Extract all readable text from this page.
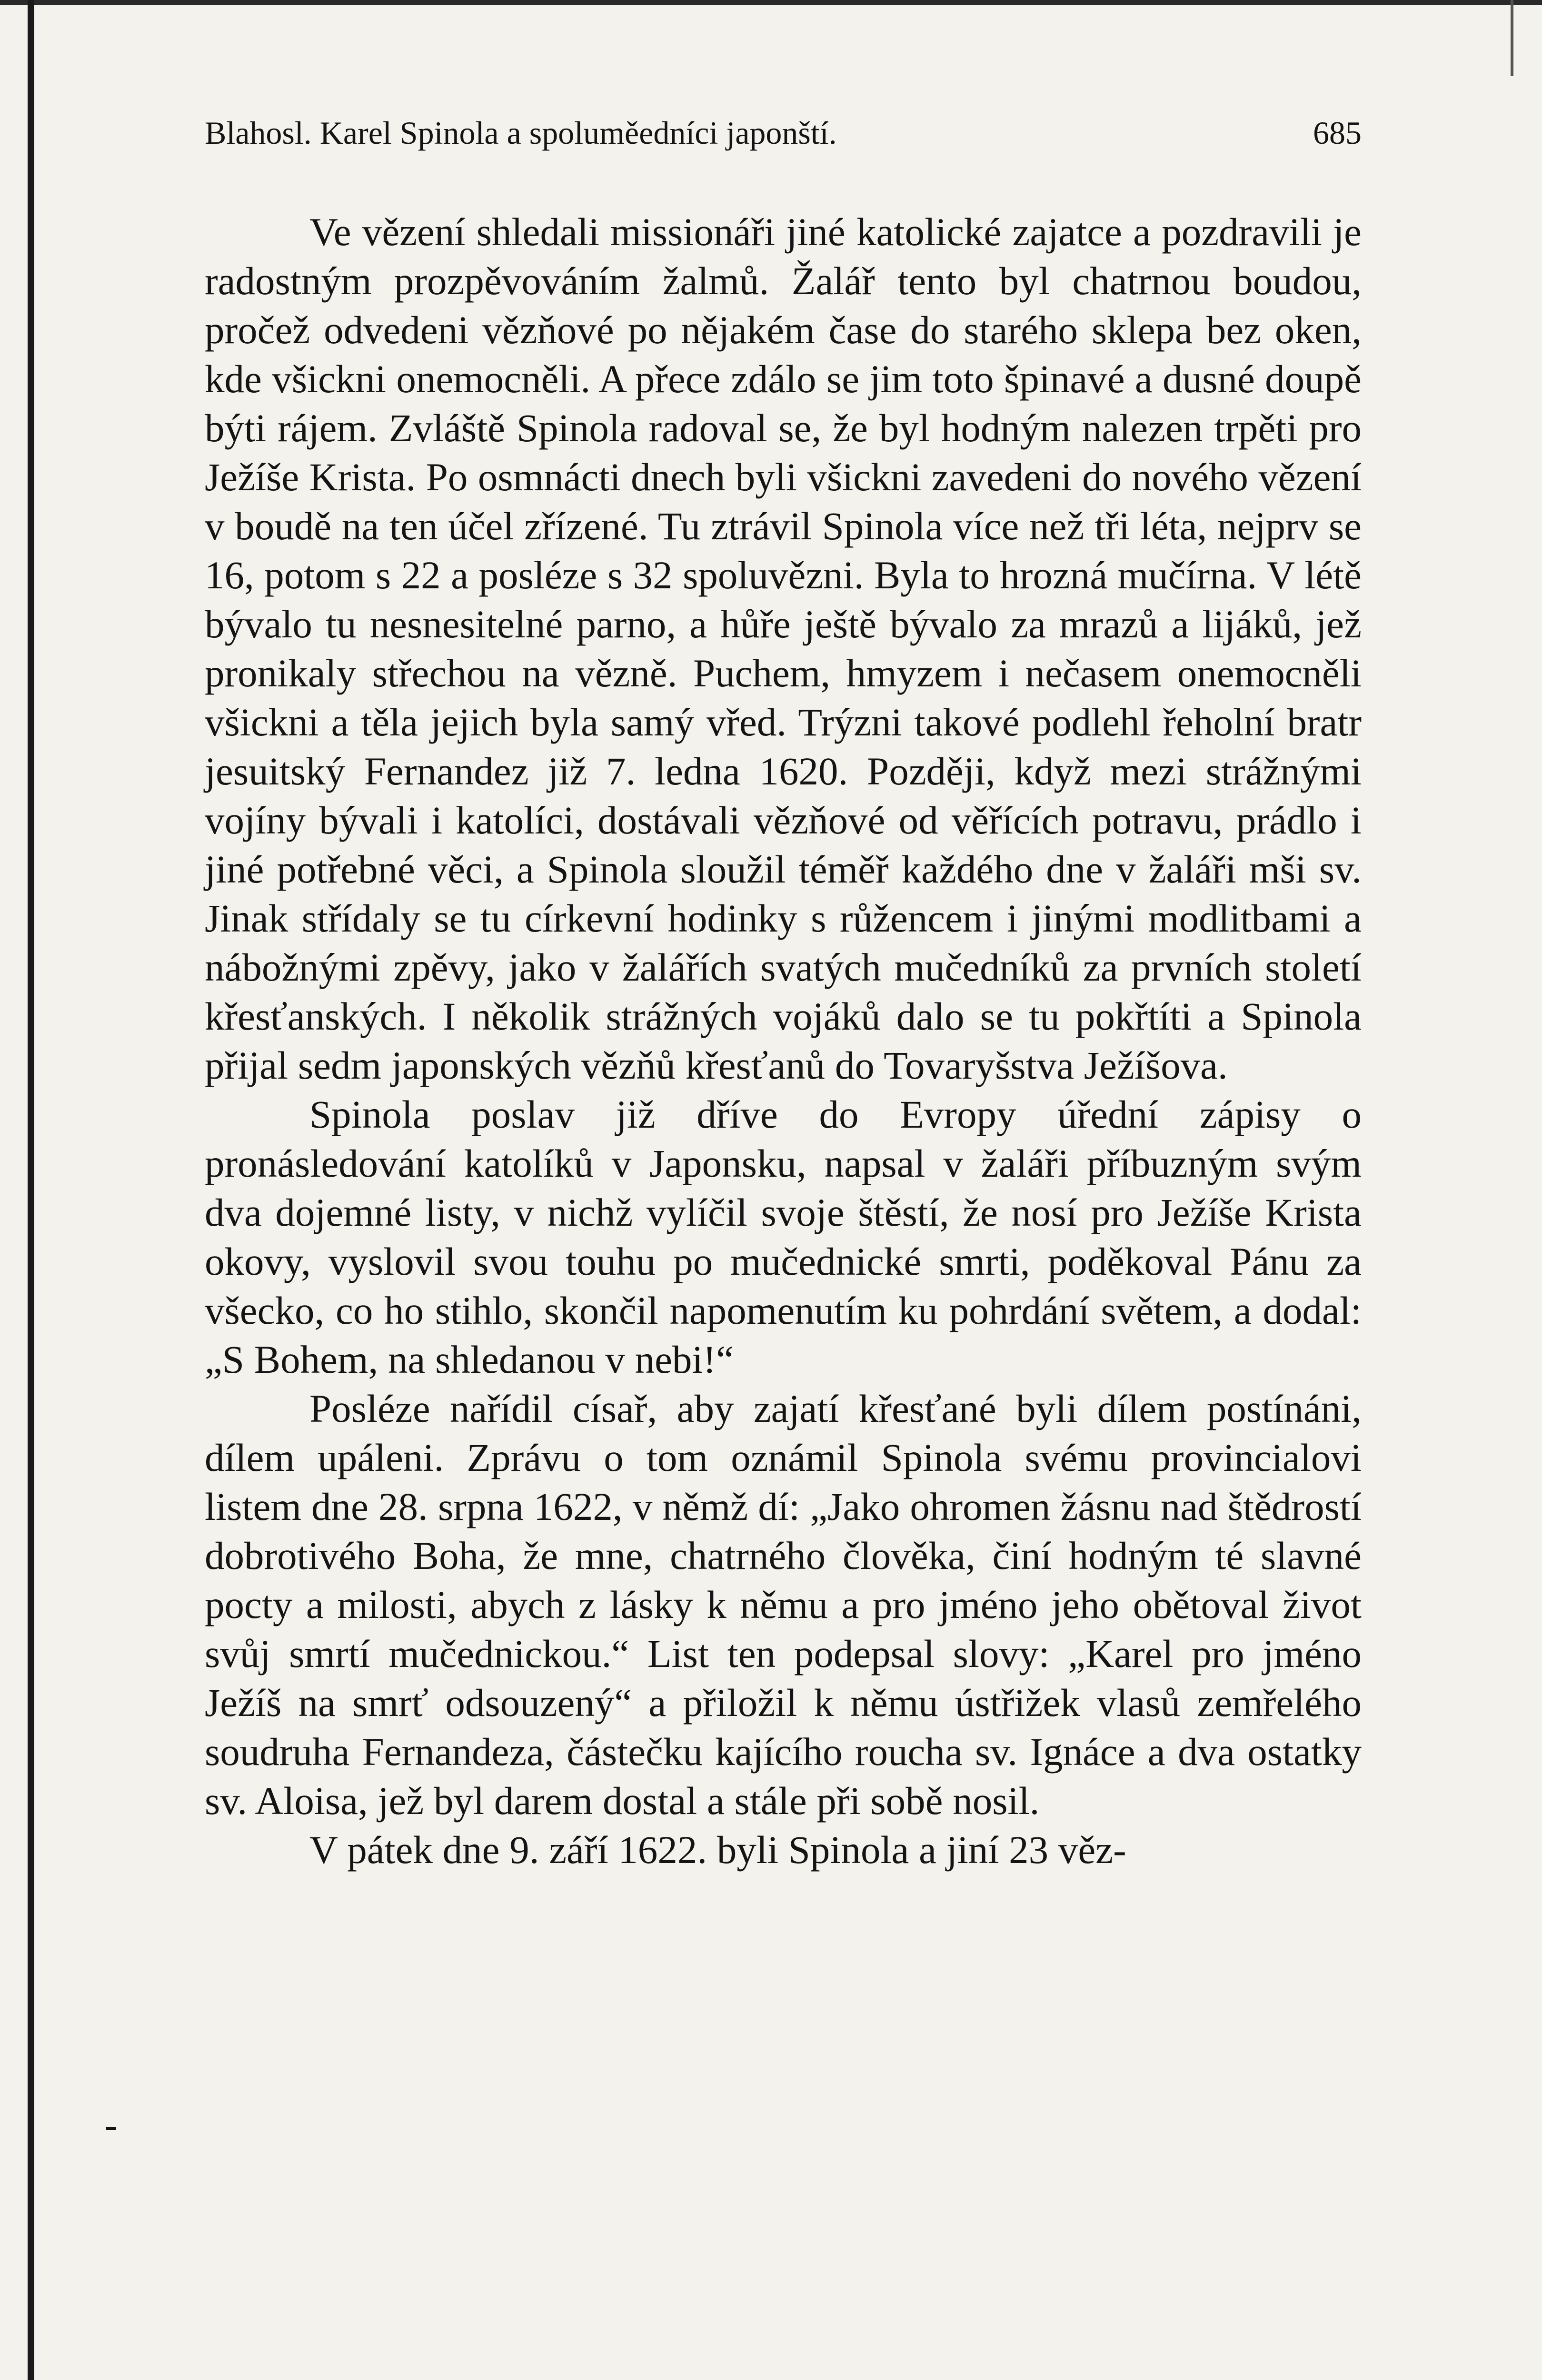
Blahosl. Karel Spinola a spoluměedníci japonští.	685

Ve vězení shledali missionáři jiné katolické zajatce a pozdravili je radostným prozpěvováním žalmů. Žalář tento byl chatrnou boudou, pročež odvedeni vězňové po nějakém čase do starého sklepa bez oken, kde všickni onemocněli. A přece zdálo se jim toto špinavé a dusné doupě býti rájem. Zvláště Spinola radoval se, že byl hodným nalezen trpěti pro Ježíše Krista. Po osmnácti dnech byli všickni zavedeni do nového vězení v boudě na ten účel zřízené. Tu ztrávil Spinola více než tři léta, nejprv se 16, potom s 22 a posléze s 32 spoluvězni. Byla to hrozná mučírna. V létě bývalo tu nesnesitelné parno, a hůře ještě bývalo za mrazů a lijáků, jež pronikaly střechou na vězně. Puchem, hmyzem i nečasem onemocněli všickni a těla jejich byla samý vřed. Trýzni takové podlehl řeholní bratr jesuitský Fernandez již 7. ledna 1620. Později, když mezi strážnými vojíny bývali i katolíci, dostávali vězňové od věřících potravu, prádlo i jiné potřebné věci, a Spinola sloužil téměř každého dne v žaláři mši sv. Jinak střídaly se tu církevní hodinky s růžencem i jinými modlitbami a nábožnými zpěvy, jako v žalářích svatých mučedníků za prvních století křesťanských. I několik strážných vojáků dalo se tu pokřtíti a Spinola přijal sedm japonských vězňů křesťanů do Tovaryšstva Ježíšova.

Spinola poslav již dříve do Evropy úřední zápisy o pronásledování katolíků v Japonsku, napsal v žaláři příbuzným svým dva dojemné listy, v nichž vylíčil svoje štěstí, že nosí pro Ježíše Krista okovy, vyslovil svou touhu po mučednické smrti, poděkoval Pánu za všecko, co ho stihlo, skončil napomenutím ku pohrdání světem, a dodal: „S Bohem, na shledanou v nebi!“

Posléze nařídil císař, aby zajatí křesťané byli dílem postínáni, dílem upáleni. Zprávu o tom oznámil Spinola svému provincialovi listem dne 28. srpna 1622, v němž dí: „Jako ohromen žásnu nad štědrostí dobrotivého Boha, že mne, chatrného člověka, činí hodným té slavné pocty a milosti, abych z lásky k němu a pro jméno jeho obětoval život svůj smrtí mučednickou.“ List ten podepsal slovy: „Karel pro jméno Ježíš na smrť odsouzený“ a přiložil k němu ústřižek vlasů zemřelého soudruha Fernandeza, částečku kajícího roucha sv. Ignáce a dva ostatky sv. Aloisa, jež byl darem dostal a stále při sobě nosil.

V pátek dne 9. září 1622. byli Spinola a jiní 23 věz-

-
